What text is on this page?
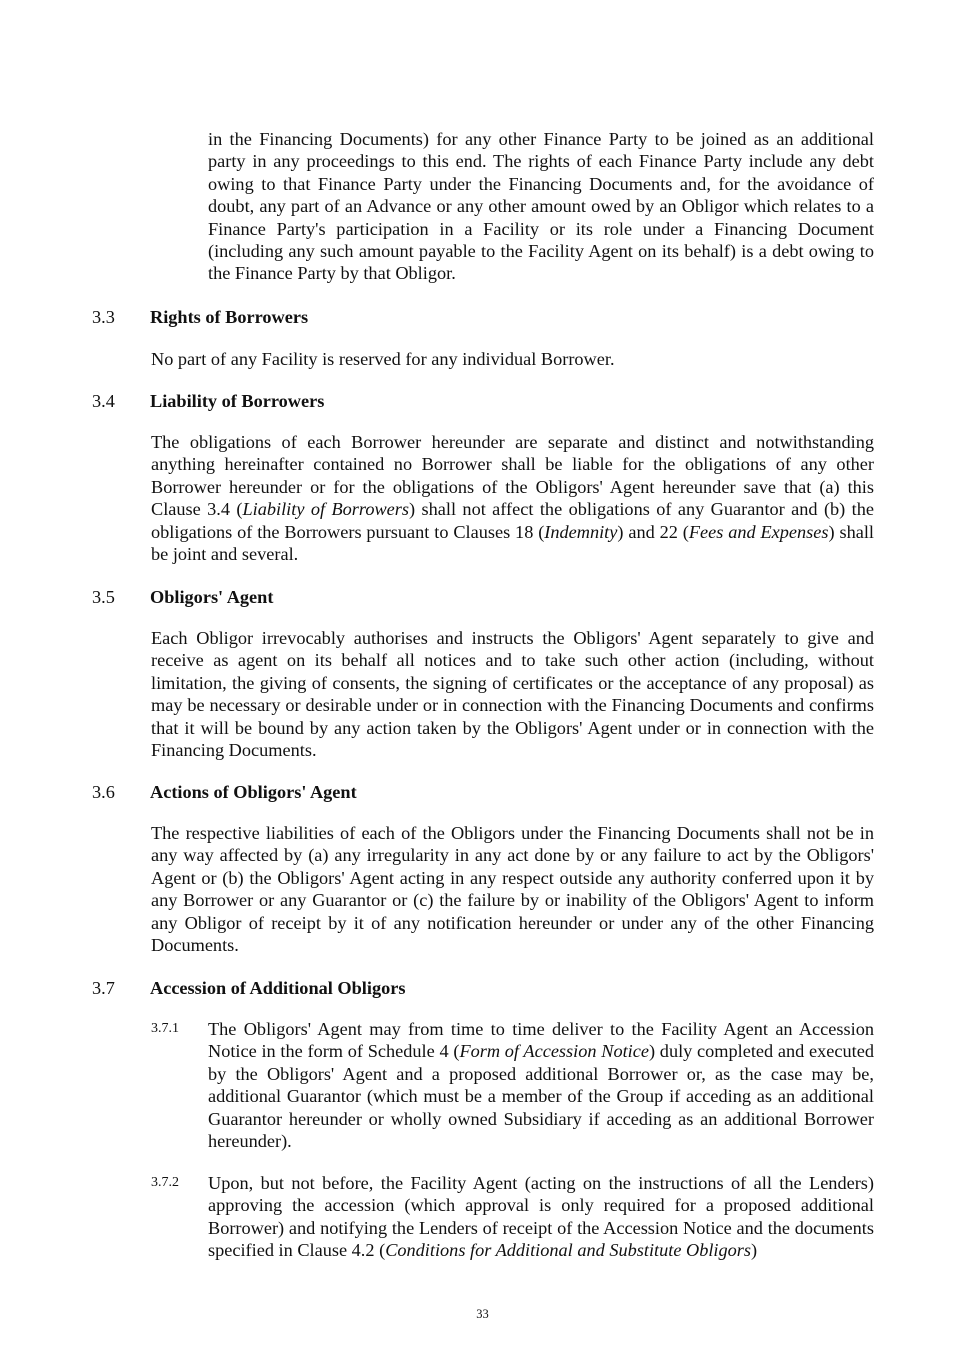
in the Financing Documents) for any other Finance Party to be joined as an additional party in any proceedings to this end. The rights of each Finance Party include any debt owing to that Finance Party under the Financing Documents and, for the avoidance of doubt, any part of an Advance or any other amount owed by an Obligor which relates to a Finance Party's participation in a Facility or its role under a Financing Document (including any such amount payable to the Facility Agent on its behalf) is a debt owing to the Finance Party by that Obligor.

3.3	Rights of Borrowers

No part of any Facility is reserved for any individual Borrower.

3.4	Liability of Borrowers

The obligations of each Borrower hereunder are separate and distinct and notwithstanding anything hereinafter contained no Borrower shall be liable for the obligations of any other Borrower hereunder or for the obligations of the Obligors' Agent hereunder save that (a) this Clause 3.4 (Liability of Borrowers) shall not affect the obligations of any Guarantor and (b) the obligations of the Borrowers pursuant to Clauses 18 (Indemnity) and 22 (Fees and Expenses) shall be joint and several.

3.5	Obligors' Agent

Each Obligor irrevocably authorises and instructs the Obligors' Agent separately to give and receive as agent on its behalf all notices and to take such other action (including, without limitation, the giving of consents, the signing of certificates or the acceptance of any proposal) as may be necessary or desirable under or in connection with the Financing Documents and confirms that it will be bound by any action taken by the Obligors' Agent under or in connection with the Financing Documents.

3.6	Actions of Obligors' Agent

The respective liabilities of each of the Obligors under the Financing Documents shall not be in any way affected by (a) any irregularity in any act done by or any failure to act by the Obligors' Agent or (b) the Obligors' Agent acting in any respect outside any authority conferred upon it by any Borrower or any Guarantor or (c) the failure by or inability of the Obligors' Agent to inform any Obligor of receipt by it of any notification hereunder or under any of the other Financing Documents.

3.7	Accession of Additional Obligors
3.7.1	The Obligors' Agent may from time to time deliver to the Facility Agent an Accession Notice in the form of Schedule 4 (Form of Accession Notice) duly completed and executed by the Obligors' Agent and a proposed additional Borrower or, as the case may be, additional Guarantor (which must be a member of the Group if acceding as an additional Guarantor hereunder or wholly owned Subsidiary if acceding as an additional Borrower hereunder).

3.7.2	Upon, but not before, the Facility Agent (acting on the instructions of all the Lenders) approving the accession (which approval is only required for a proposed additional Borrower) and notifying the Lenders of receipt of the Accession Notice and the documents specified in Clause 4.2 (Conditions for Additional and Substitute Obligors)

33
